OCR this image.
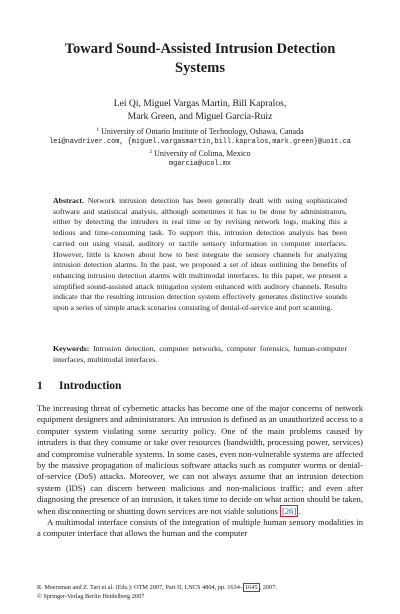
Toward Sound-Assisted Intrusion Detection
Systems
Lei Qi, Miguel Vargas Martin, Bill Kapralos,
Mark Green, and Miguel García-Ruiz
$^1$ University of Ontario Institute of Technology, Oshawa, Canada
lei@navdriver.com, {miguel.vargasmartin,bill.kapralos,mark.green}@uoit.ca
$^2$ University of Colima, Mexico
mgarcia@ucol.mx
Abstract. Network intrusion detection has been generally dealt with using sophisticated software and statistical analysis, although sometimes it has to be done by administrators, either by detecting the intruders in real time or by revising network logs, making this a tedious and time-consuming task. To support this, intrusion detection analysis has been carried out using visual, auditory or tactile sensory information in computer interfaces. However, little is known about how to best integrate the sensory channels for analyzing intrusion detection alarms. In the past, we proposed a set of ideas outlining the benefits of enhancing intrusion detection alarms with multimodal interfaces. In this paper, we present a simplified sound-assisted attack mitigation system enhanced with auditory channels. Results indicate that the resulting intrusion detection system effectively generates distinctive sounds upon a series of simple attack scenarios consisting of denial-of-service and port scanning.
Keywords: Intrusion detection, computer networks, computer forensics, human-computer interfaces, multimodal interfaces.
1 Introduction

The increasing threat of cybernetic attacks has become one of the major concerns of network equipment designers and administrators. An intrusion is defined as an unauthorized access to a computer system violating some security policy. One of the main problems caused by intruders is that they consume or take over resources (bandwidth, processing power, services) and compromise vulnerable systems. In some cases, even non-vulnerable systems are affected by the massive propagation of malicious software attacks such as computer worms or denial-of-service (DoS) attacks. Moreover, we can not always assume that an intrusion detection system (IDS) can discern between malicious and non-malicious traffic; and even after diagnosing the presence of an intrusion, it takes time to decide on what action should be taken, when disconnecting or shutting down services are not viable solutions [26] .

A multimodal interface consists of the integration of multiple human sensory modalities in a computer interface that allows the human and the computer

R. Meersman and Z. Tari et al. (Eds.): OTM 2007, Part II, LNCS 4804, pp. 1634– 1645 , 2007.
© Springer-Verlag Berlin Heidelberg 2007
